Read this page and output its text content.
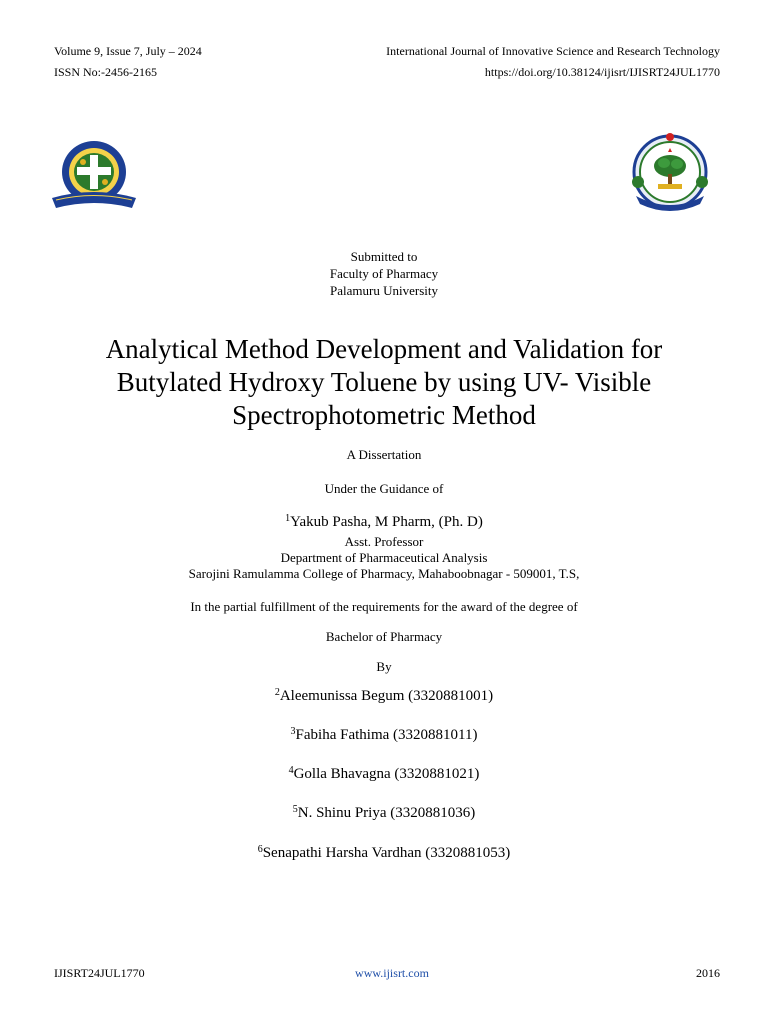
Volume 9, Issue 7, July – 2024
ISSN No:-2456-2165
International Journal of Innovative Science and Research Technology
https://doi.org/10.38124/ijisrt/IJISRT24JUL1770
Submitted to
Faculty of Pharmacy
Palamuru University
Analytical Method Development and Validation for
Butylated Hydroxy Toluene by using UV- Visible
Spectrophotometric Method
A Dissertation
Under the Guidance of
$^1$Yakub Pasha, M Pharm, (Ph. D)
Asst. Professor
Department of Pharmaceutical Analysis
Sarojini Ramulamma College of Pharmacy, Mahaboobnagar - 509001, T.S,
In the partial fulfillment of the requirements for the award of the degree of
Bachelor of Pharmacy
By
$^2$Aleemunissa Begum (3320881001)
$^3$Fabiha Fathima (3320881011)
$^4$Golla Bhavagna (3320881021)
$^5$N. Shinu Priya (3320881036)
$^6$Senapathi Harsha Vardhan (3320881053)
IJISRT24JUL1770	www.ijisrt.com	2016
